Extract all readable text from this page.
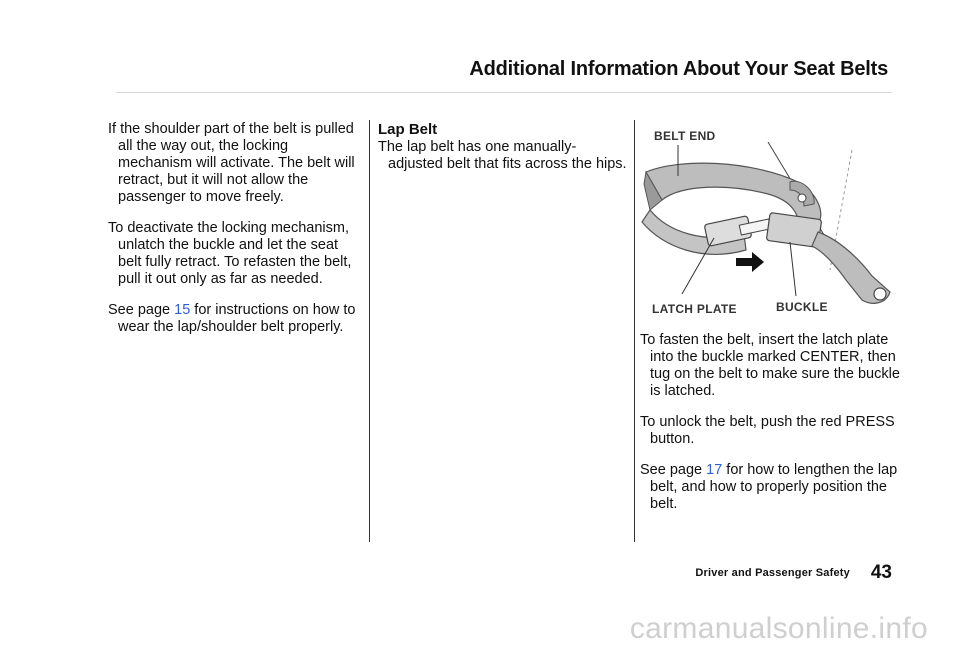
Additional Information About Your Seat Belts

If the shoulder part of the belt is pulled all the way out, the locking mechanism will activate. The belt will retract, but it will not allow the passenger to move freely.

To deactivate the locking mechanism, unlatch the buckle and let the seat belt fully retract. To refasten the belt, pull it out only as far as needed.

See page 15 for instructions on how to wear the lap/shoulder belt properly.

Lap Belt

The lap belt has one manually-adjusted belt that fits across the hips.

BELT END
LATCH PLATE	BUCKLE

To fasten the belt, insert the latch plate into the buckle marked CENTER, then tug on the belt to make sure the buckle is latched.

To unlock the belt, push the red PRESS button.

See page 17 for how to lengthen the lap belt, and how to properly position the belt.

Driver and Passenger Safety 43
carmanualsonline.info
